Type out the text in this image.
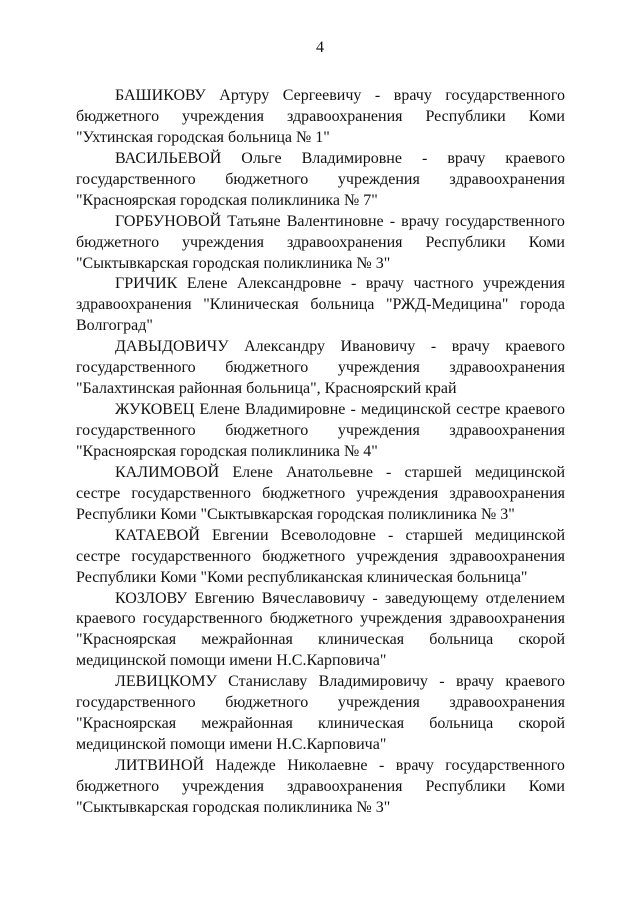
4
БАШИКОВУ Артуру Сергеевичу - врачу государственного
бюджетного учреждения здравоохранения Республики Коми
"Ухтинская городская больница № 1"
ВАСИЛЬЕВОЙ Ольге Владимировне - врачу краевого
государственного бюджетного учреждения здравоохранения
"Красноярская городская поликлиника № 7"
ГОРБУНОВОЙ Татьяне Валентиновне - врачу государственного
бюджетного учреждения здравоохранения Республики Коми
"Сыктывкарская городская поликлиника № 3"
ГРИЧИК Елене Александровне - врачу частного учреждения
здравоохранения "Клиническая больница "РЖД-Медицина" города
Волгоград"
ДАВЫДОВИЧУ Александру Ивановичу - врачу краевого
государственного бюджетного учреждения здравоохранения
"Балахтинская районная больница", Красноярский край
ЖУКОВЕЦ Елене Владимировне - медицинской сестре краевого
государственного бюджетного учреждения здравоохранения
"Красноярская городская поликлиника № 4"
КАЛИМОВОЙ Елене Анатольевне - старшей медицинской
сестре государственного бюджетного учреждения здравоохранения
Республики Коми "Сыктывкарская городская поликлиника № 3"
КАТАЕВОЙ Евгении Всеволодовне - старшей медицинской
сестре государственного бюджетного учреждения здравоохранения
Республики Коми "Коми республиканская клиническая больница"
КОЗЛОВУ Евгению Вячеславовичу - заведующему отделением
краевого государственного бюджетного учреждения здравоохранения
"Красноярская межрайонная клиническая больница скорой
медицинской помощи имени Н.С.Карповича"
ЛЕВИЦКОМУ Станиславу Владимировичу - врачу краевого
государственного бюджетного учреждения здравоохранения
"Красноярская межрайонная клиническая больница скорой
медицинской помощи имени Н.С.Карповича"
ЛИТВИНОЙ Надежде Николаевне - врачу государственного
бюджетного учреждения здравоохранения Республики Коми
"Сыктывкарская городская поликлиника № 3"
